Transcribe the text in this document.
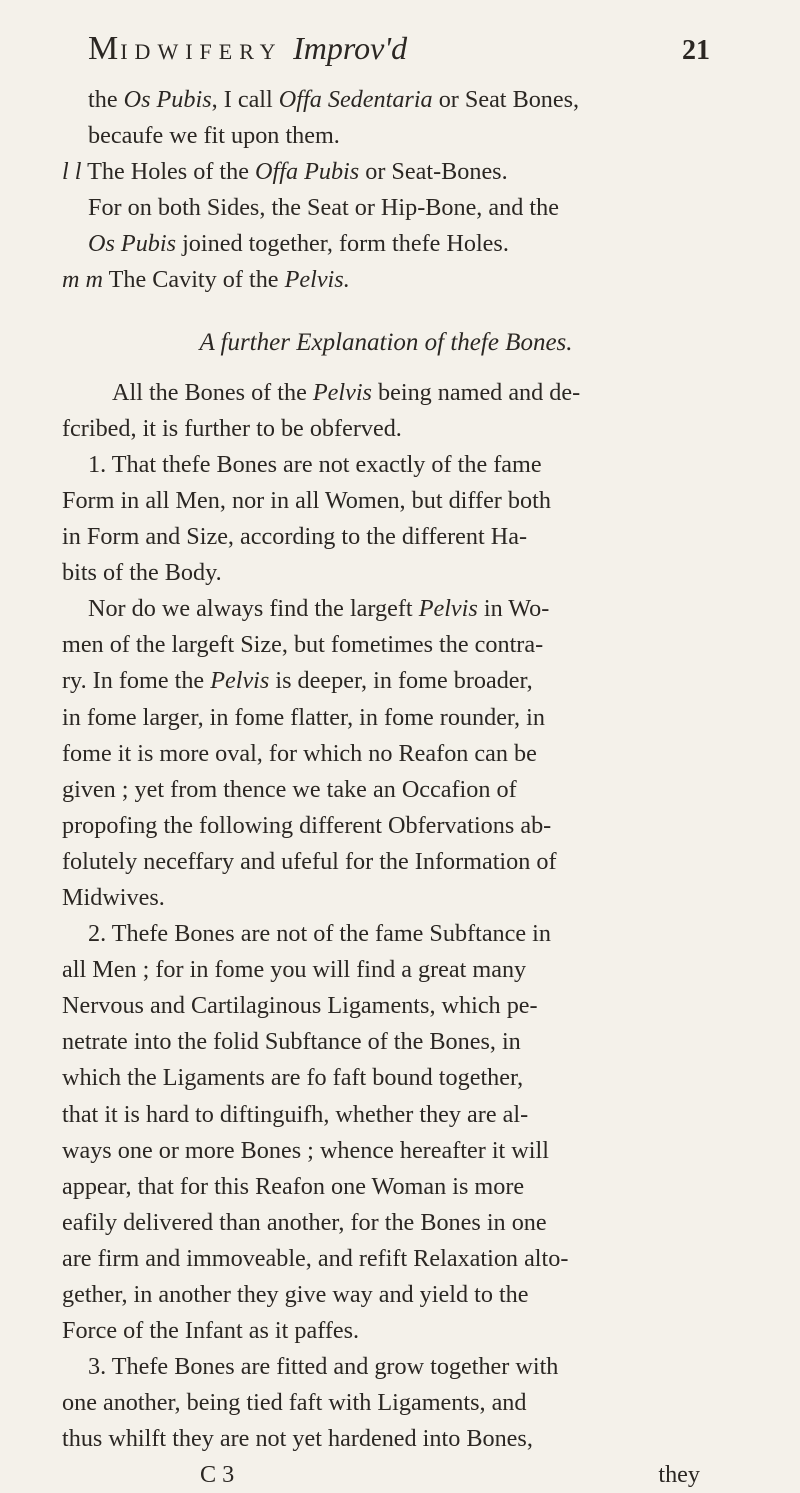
MIDWIFERY Improv'd	21
the Os Pubis, I call Offa Sedentaria or Seat Bones,
becaufe we fit upon them.
l l The Holes of the Offa Pubis or Seat-Bones.
For on both Sides, the Seat or Hip-Bone, and the
Os Pubis joined together, form thefe Holes.
m m The Cavity of the Pelvis.
A further Explanation of thefe Bones.
All the Bones of the Pelvis being named and de-
fcribed, it is further to be obferved.
1. That thefe Bones are not exactly of the fame
Form in all Men, nor in all Women, but differ both
in Form and Size, according to the different Ha-
bits of the Body.
Nor do we always find the largeft Pelvis in Wo-
men of the largeft Size, but fometimes the contra-
ry. In fome the Pelvis is deeper, in fome broader,
in fome larger, in fome flatter, in fome rounder, in
fome it is more oval, for which no Reafon can be
given ; yet from thence we take an Occafion of
propofing the following different Obfervations ab-
folutely neceffary and ufeful for the Information of
Midwives.
2. Thefe Bones are not of the fame Subftance in
all Men ; for in fome you will find a great many
Nervous and Cartilaginous Ligaments, which pe-
netrate into the folid Subftance of the Bones, in
which the Ligaments are fo faft bound together,
that it is hard to diftinguifh, whether they are al-
ways one or more Bones ; whence hereafter it will
appear, that for this Reafon one Woman is more
eafily delivered than another, for the Bones in one
are firm and immoveable, and refift Relaxation alto-
gether, in another they give way and yield to the
Force of the Infant as it paffes.
3. Thefe Bones are fitted and grow together with
one another, being tied faft with Ligaments, and
thus whilft they are not yet hardened into Bones,
C 3	they
